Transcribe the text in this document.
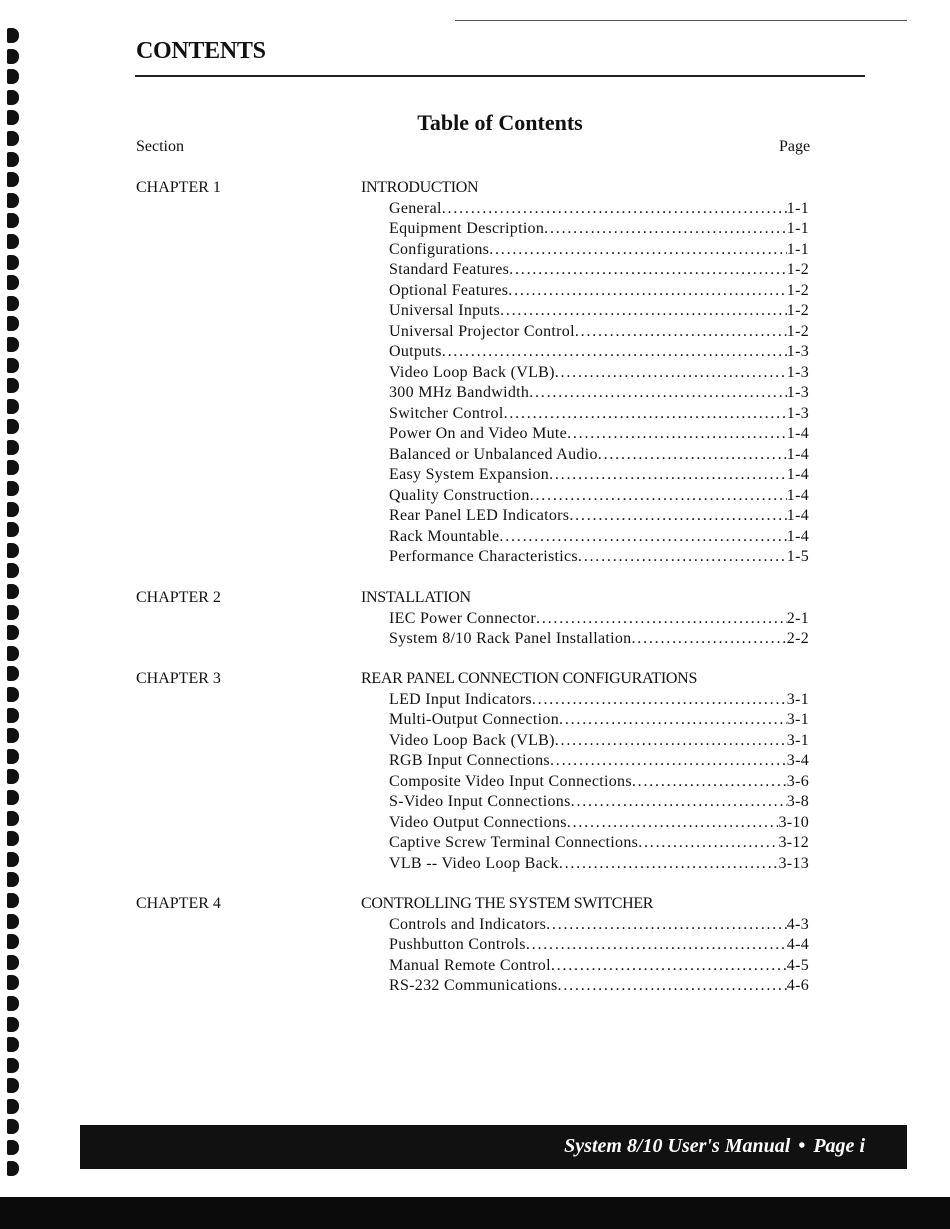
CONTENTS
Table of Contents
Section	Page
CHAPTER 1	INTRODUCTION
General .....	1-1
Equipment Description .....	1-1
Configurations .....	1-1
Standard Features .....	1-2
Optional Features .....	1-2
Universal Inputs .....	1-2
Universal Projector Control .....	1-2
Outputs .....	1-3
Video Loop Back (VLB) .....	1-3
300 MHz Bandwidth .....	1-3
Switcher Control .....	1-3
Power On and Video Mute .....	1-4
Balanced or Unbalanced Audio .....	1-4
Easy System Expansion .....	1-4
Quality Construction .....	1-4
Rear Panel LED Indicators .....	1-4
Rack Mountable .....	1-4
Performance Characteristics .....	1-5
CHAPTER 2	INSTALLATION
IEC Power Connector .....	2-1
System 8/10 Rack Panel Installation .....	2-2
CHAPTER 3	REAR PANEL CONNECTION CONFIGURATIONS
LED Input Indicators .....	3-1
Multi-Output Connection .....	3-1
Video Loop Back (VLB) .....	3-1
RGB Input Connections .....	3-4
Composite Video Input Connections .....	3-6
S-Video Input Connections .....	3-8
Video Output Connections .....	3-10
Captive Screw Terminal Connections .....	3-12
VLB -- Video Loop Back .....	3-13
CHAPTER 4	CONTROLLING THE SYSTEM SWITCHER
Controls and Indicators .....	4-3
Pushbutton Controls .....	4-4
Manual Remote Control .....	4-5
RS-232 Communications .....	4-6
System 8/10 User's Manual • Page i
